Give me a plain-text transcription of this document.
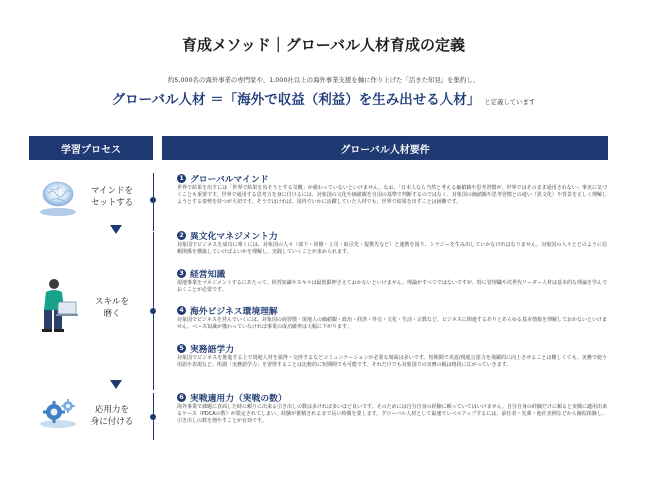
育成メソッド｜グローバル人材育成の定義
約5,000名の海外事業の専門家や、1,000社以上の海外事業支援を軸に作り上げた「活きた知見」を集約し、
グローバル人材 ＝「海外で収益（利益）を生み出せる人材」 と定義しています
学習プロセス	グローバル人材要件
マインドを
セットする
スキルを
磨く
応用力を
身に付ける
1 グローバルマインド
世界で結果を出すには「世界で結果を出そうとする気概」が備わっていないといけません。なお、「日本人なら当然と考える価値観や思考習慣が、世界ではそのまま通用されない」事実に気づくことも重要です。世界で通用する思考力を身に付けるには、対象国の文化や価値観を自国の基準で判断するのではなく、対象国の価値観や思考習慣との違い（異文化）や背景を正しく理解しようとする姿勢を持つが大切です。そうではければ、国内でいかに活躍していた人材でも、世界で結果を出すことは困難です。
2 異文化マネジメント力
対象国でビジネスを成功に導くには、対象国の人々（部下・同僚・上司・取引先・提携先など）と連携を図り、シナジーを生み出していかなければなりません。対象国の人々とどのように信頼関係を構築していけばよいかを理解し、実践していくことが求められます。
3 経営知識
現地事業をマネジメントするにあたって、経営知識やスキルは最低限押さえておかないといけません。理論がすべてではないですが、特に管理職や次世代リーダー人材は基本的な理論を学んでおくことが必要です。
4 海外ビジネス環境理解
対象国でビジネスを営んでいくには、対象国の商習慣・現地人の価値観・政治・経済・外交・文化・生活・宗教など、ビジネスに関連するありとあらゆる基本情報を理解しておかないといけません。ベース知識が備わっていなければ事業の成功確率は大幅に下がります。
5 実務語学力
対象国でビジネスを推進する上で現地人材を説得・交渉するなどコミュニケーションが必要な場面は多いです。短期間で英語/現地言語力を飛躍的に向上させることは難しくても、実務で使う用語や表現など、所謂「実務語学力」を習得することは比較的に短期間でも可能です。それだけでも対象国での実務の幅は格段に広がっていきます。
6 実戦適用力（実戦の数）
海外事業で課題に直面した時に頼りに出来る引き出しの数は多ければ多いほど良いです。そのためには自分自身の経験に頼っていてはいけません。自分自身の経験だけに頼ると実戦に適用出来るケース（PDCAの数）が限定されてしまい、経験が蓄積されるまで長い時間を要します。グローバル人材として最速でレベルアップするには、前任者・先輩・他社実例などから擬似体験し、引き出しの数を増やすことが有効です。
